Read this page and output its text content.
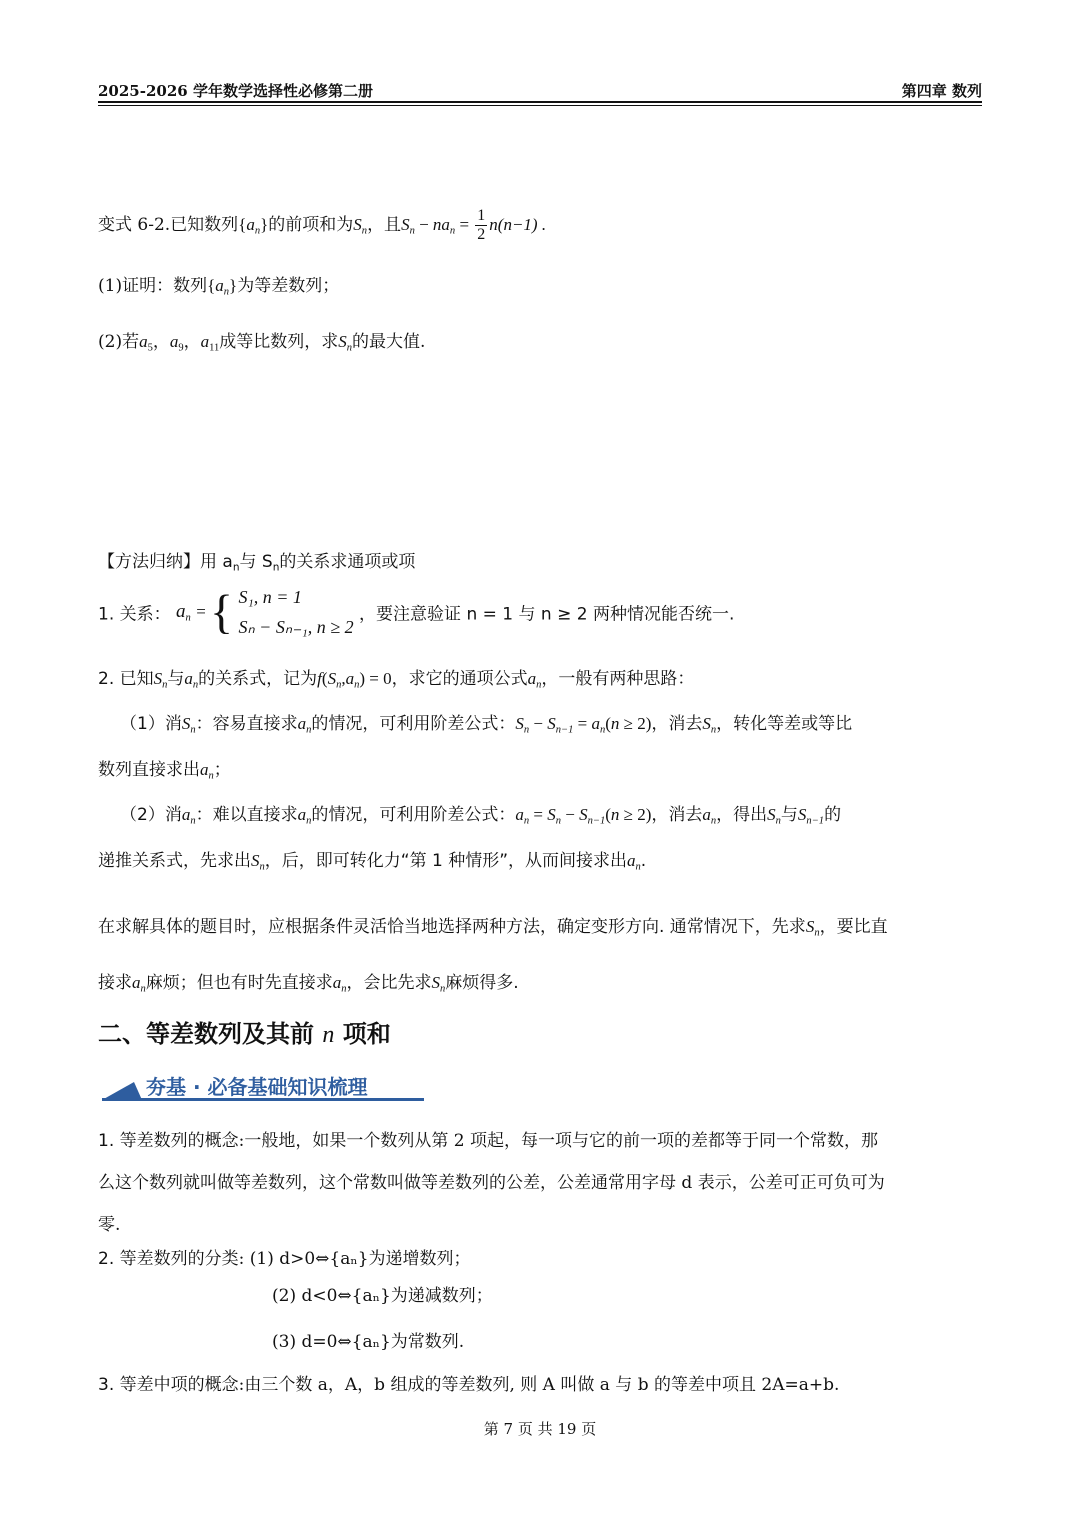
2025-2026 学年数学选择性必修第二册	第四章 数列
变式 6-2.已知数列$\{a_n\}$的前项和为$S_n$，且$S_n - na_n = \frac{1}{2} n(n-1)$ .
(1)证明：数列$\{a_n\}$为等差数列；
(2)若$a_5$，$a_9$，$a_{11}$成等比数列，求$S_n$的最大值.
【方法归纳】用 $a_n$与 $S_n$的关系求通项或项
1. 关系： $a_n$ = { S₁, n = 1
Sₙ − Sₙ₋₁, n ≥ 2
，要注意验证 n = 1 与 n ≥ 2 两种情况能否统一.
2. 已知$S_n$与$a_n$的关系式，记为$f(S_n,a_n) = 0$，求它的通项公式$a_n$，一般有两种思路：
（1）消$S_n$：容易直接求$a_n$的情况，可利用阶差公式：$S_n - S_{n-1} = a_n(n \ge 2)$，消去$S_n$，转化等差或等比
数列直接求出$a_n$；
（2）消$a_n$：难以直接求$a_n$的情况，可利用阶差公式：$a_n = S_n - S_{n-1}(n \ge 2)$，消去$a_n$，得出$S_n$与$S_{n-1}$的
递推关系式，先求出$S_n$，后，即可转化力“第 1 种情形”，从而间接求出$a_n$.
在求解具体的题目时，应根据条件灵活恰当地选择两种方法，确定变形方向. 通常情况下，先求$S_n$，要比直
接求$a_n$麻烦；但也有时先直接求$a_n$，会比先求$S_n$麻烦得多.
二、等差数列及其前 n 项和
夯基 · 必备基础知识梳理
1. 等差数列的概念:一般地，如果一个数列从第 2 项起，每一项与它的前一项的差都等于同一个常数，那
么这个数列就叫做等差数列，这个常数叫做等差数列的公差，公差通常用字母 d 表示，公差可正可负可为
零.
2. 等差数列的分类: (1) d>0⇔{aₙ}为递增数列；
(2) d<0⇔{aₙ}为递减数列；
(3) d=0⇔{aₙ}为常数列.
3. 等差中项的概念:由三个数 a，A，b 组成的等差数列, 则 A 叫做 a 与 b 的等差中项且 2A=a+b.
第 7 页 共 19 页
